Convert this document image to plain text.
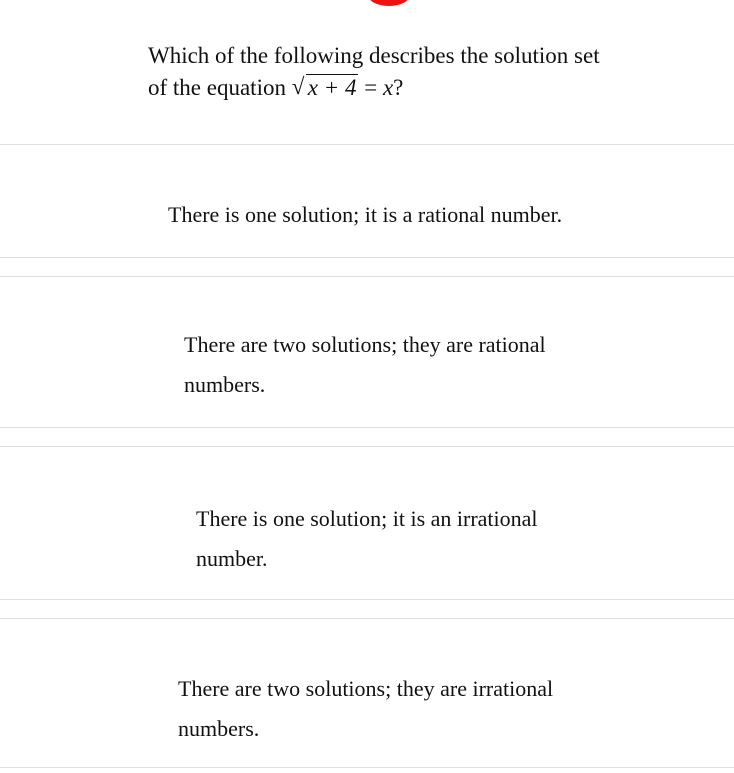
Which of the following describes the solution set
of the equation √ x + 4 = x?
There is one solution; it is a rational number.
There are two solutions; they are rational numbers.
There is one solution; it is an irrational number.
There are two solutions; they are irrational numbers.
